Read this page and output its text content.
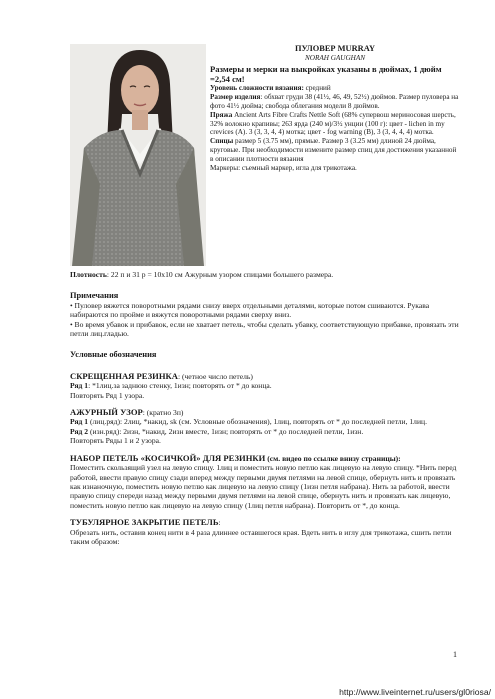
ПУЛОВЕР MURRAY
NORAH GAUGHAN

Размеры и мерки на выкройках указаны в дюймах, 1 дюйм =2,54 см!

Уровень сложности вязания: средний

Размер изделия: обхват груди 38 (41½, 46, 49, 52½) дюймов. Размер пуловера на фото 41½ дюйма; свобода облегания модели 8 дюймов.

Пряжа Ancient Arts Fibre Crafts Nettle Soft (68% супервош мериносовая шерсть, 32% волокно крапивы; 263 ярда (240 м)/3½ унции (100 г): цвет - lichen in my crevices (A). 3 (3, 3, 4, 4) мотка; цвет - fog warning (B), 3 (3, 4, 4, 4) мотка.

Спицы размер 5 (3.75 мм), прямые. Размер 3 (3.25 мм) длиной 24 дюйма, круговые. При необходимости измените размер спиц для достижения указанной в описании плотности вязания

Маркеры: съемный маркер, игла для трикотажа.

Плотность: 22 п и 31 р = 10х10 см Ажурным узором спицами большего размера.

Примечания

• Пуловер вяжется поворотными рядами снизу вверх отдельными деталями, которые потом сшиваются. Рукава набираются по пройме и вяжутся поворотными рядами сверху вниз.

• Во время убавок и прибавок, если не хватает петель, чтобы сделать убавку, соответствующую прибавке, провязать эти петли лиц.гладью.

Условные обозначения

СКРЕЩЕННАЯ РЕЗИНКА: (четное число петель)

Ряд 1: *1лиц.за заднюю стенку, 1изн; повторять от * до конца.

Повторять Ряд 1 узора.

АЖУРНЫЙ УЗОР: (кратно 3п)

Ряд 1 (лиц.ряд): 2лиц, *накид, sk (см. Условные обозначения), 1лиц, повторять от * до последней петли, 1лиц.

Ряд 2 (изн.ряд): 2изн, *накид, 2изн вместе, 1изн; повторять от * до последней петли, 1изн.

Повторять Ряды 1 и 2 узора.

НАБОР ПЕТЕЛЬ «КОСИЧКОЙ» ДЛЯ РЕЗИНКИ (см. видео по ссылке внизу страницы):

Поместить скользящий узел на левую спицу. 1лиц и поместить новую петлю как лицевую на левую спицу. *Нить перед работой, ввести правую спицу сзади вперед между первыми двумя петлями на левой спице, обернуть нить и провязать как изнаночную, поместить новую петлю как лицевую на левую спицу (1изн петля набрана). Нить за работой, ввести правую спицу спереди назад между первыми двумя петлями на левой спице, обернуть нить и провязать как лицевую, поместить новую петлю как лицевую на левую спицу (1лиц петля набрана). Повторить от *, до конца.

ТУБУЛЯРНОЕ ЗАКРЫТИЕ ПЕТЕЛЬ:

Обрезать нить, оставив конец нити в 4 раза длиннее оставшегося края. Вдеть нить в иглу для трикотажа, сшить петли таким образом:

1
http://www.liveinternet.ru/users/gl0riosa/
